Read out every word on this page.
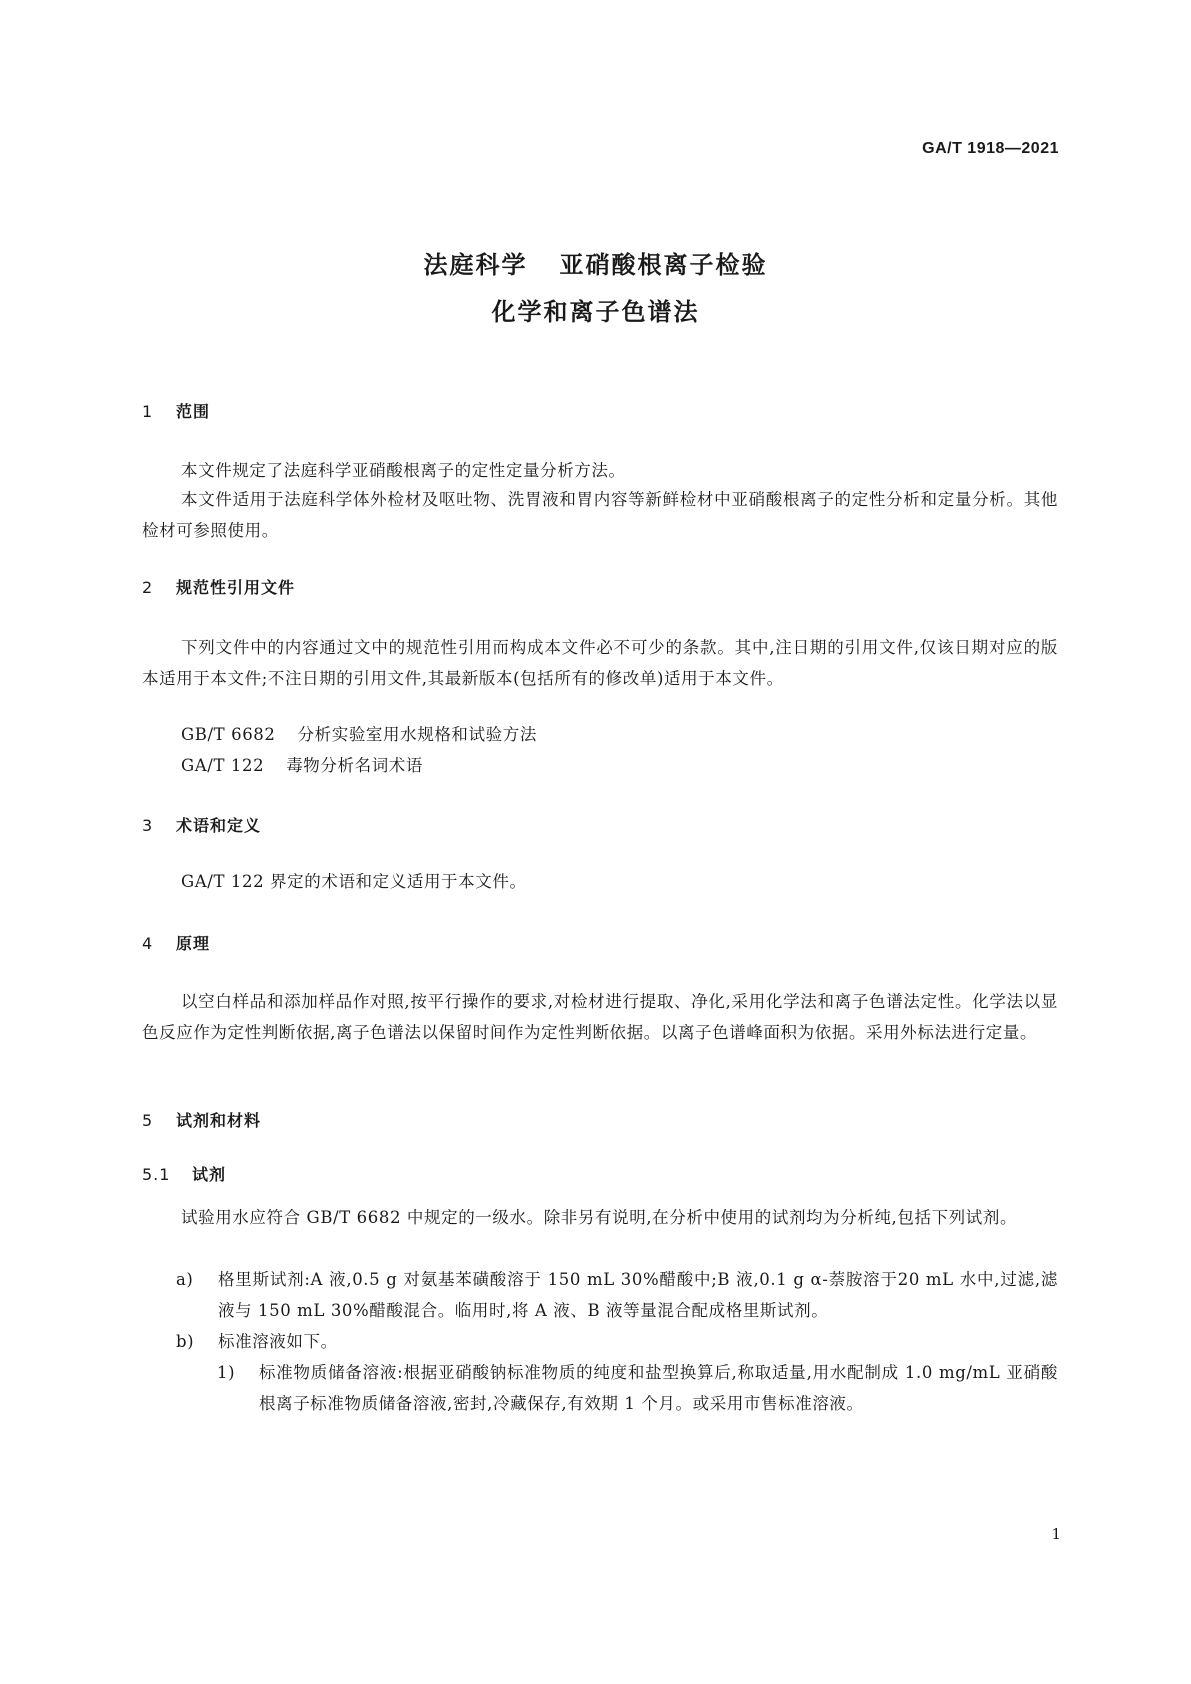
GA/T 1918—2021
法庭科学 亚硝酸根离子检验
化学和离子色谱法
1 范围
本文件规定了法庭科学亚硝酸根离子的定性定量分析方法。
本文件适用于法庭科学体外检材及呕吐物、洗胃液和胃内容等新鲜检材中亚硝酸根离子的定性分析和定量分析。其他检材可参照使用。
2 规范性引用文件
下列文件中的内容通过文中的规范性引用而构成本文件必不可少的条款。其中,注日期的引用文件,仅该日期对应的版本适用于本文件;不注日期的引用文件,其最新版本(包括所有的修改单)适用于本文件。
GB/T 6682 分析实验室用水规格和试验方法
GA/T 122 毒物分析名词术语
3 术语和定义
GA/T 122 界定的术语和定义适用于本文件。
4 原理
以空白样品和添加样品作对照,按平行操作的要求,对检材进行提取、净化,采用化学法和离子色谱法定性。化学法以显色反应作为定性判断依据,离子色谱法以保留时间作为定性判断依据。以离子色谱峰面积为依据。采用外标法进行定量。
5 试剂和材料
5.1 试剂
试验用水应符合 GB/T 6682 中规定的一级水。除非另有说明,在分析中使用的试剂均为分析纯,包括下列试剂。
a) 格里斯试剂:A 液,0.5 g 对氨基苯磺酸溶于 150 mL 30%醋酸中;B 液,0.1 g α-萘胺溶于20 mL 水中,过滤,滤液与 150 mL 30%醋酸混合。临用时,将 A 液、B 液等量混合配成格里斯试剂。
b) 标准溶液如下。
1) 标准物质储备溶液:根据亚硝酸钠标准物质的纯度和盐型换算后,称取适量,用水配制成 1.0 mg/mL 亚硝酸根离子标准物质储备溶液,密封,冷藏保存,有效期 1 个月。或采用市售标准溶液。
1
